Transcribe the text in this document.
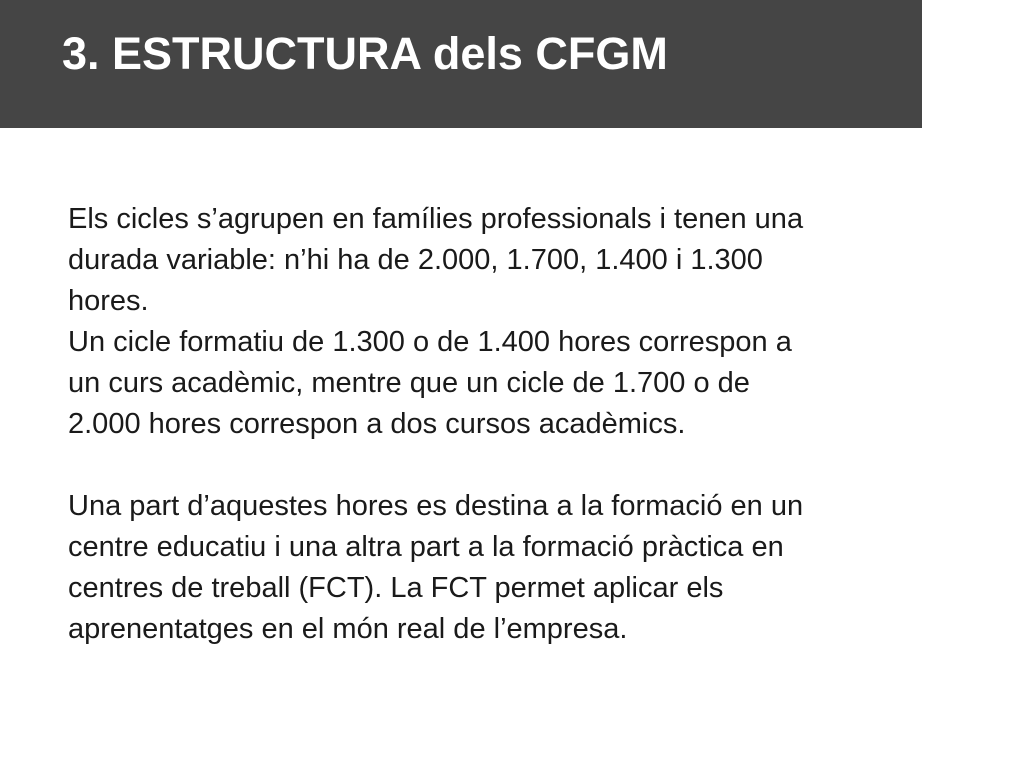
3. ESTRUCTURA dels CFGM

Els cicles s’agrupen en famílies professionals i tenen una
durada variable: n’hi ha de 2.000, 1.700, 1.400 i 1.300
hores.

Un cicle formatiu de 1.300 o de 1.400 hores correspon a
un curs acadèmic, mentre que un cicle de 1.700 o de
2.000 hores correspon a dos cursos acadèmics.

Una part d’aquestes hores es destina a la formació en un
centre educatiu i una altra part a la formació pràctica en
centres de treball (FCT). La FCT permet aplicar els
aprenentatges en el món real de l’empresa.
